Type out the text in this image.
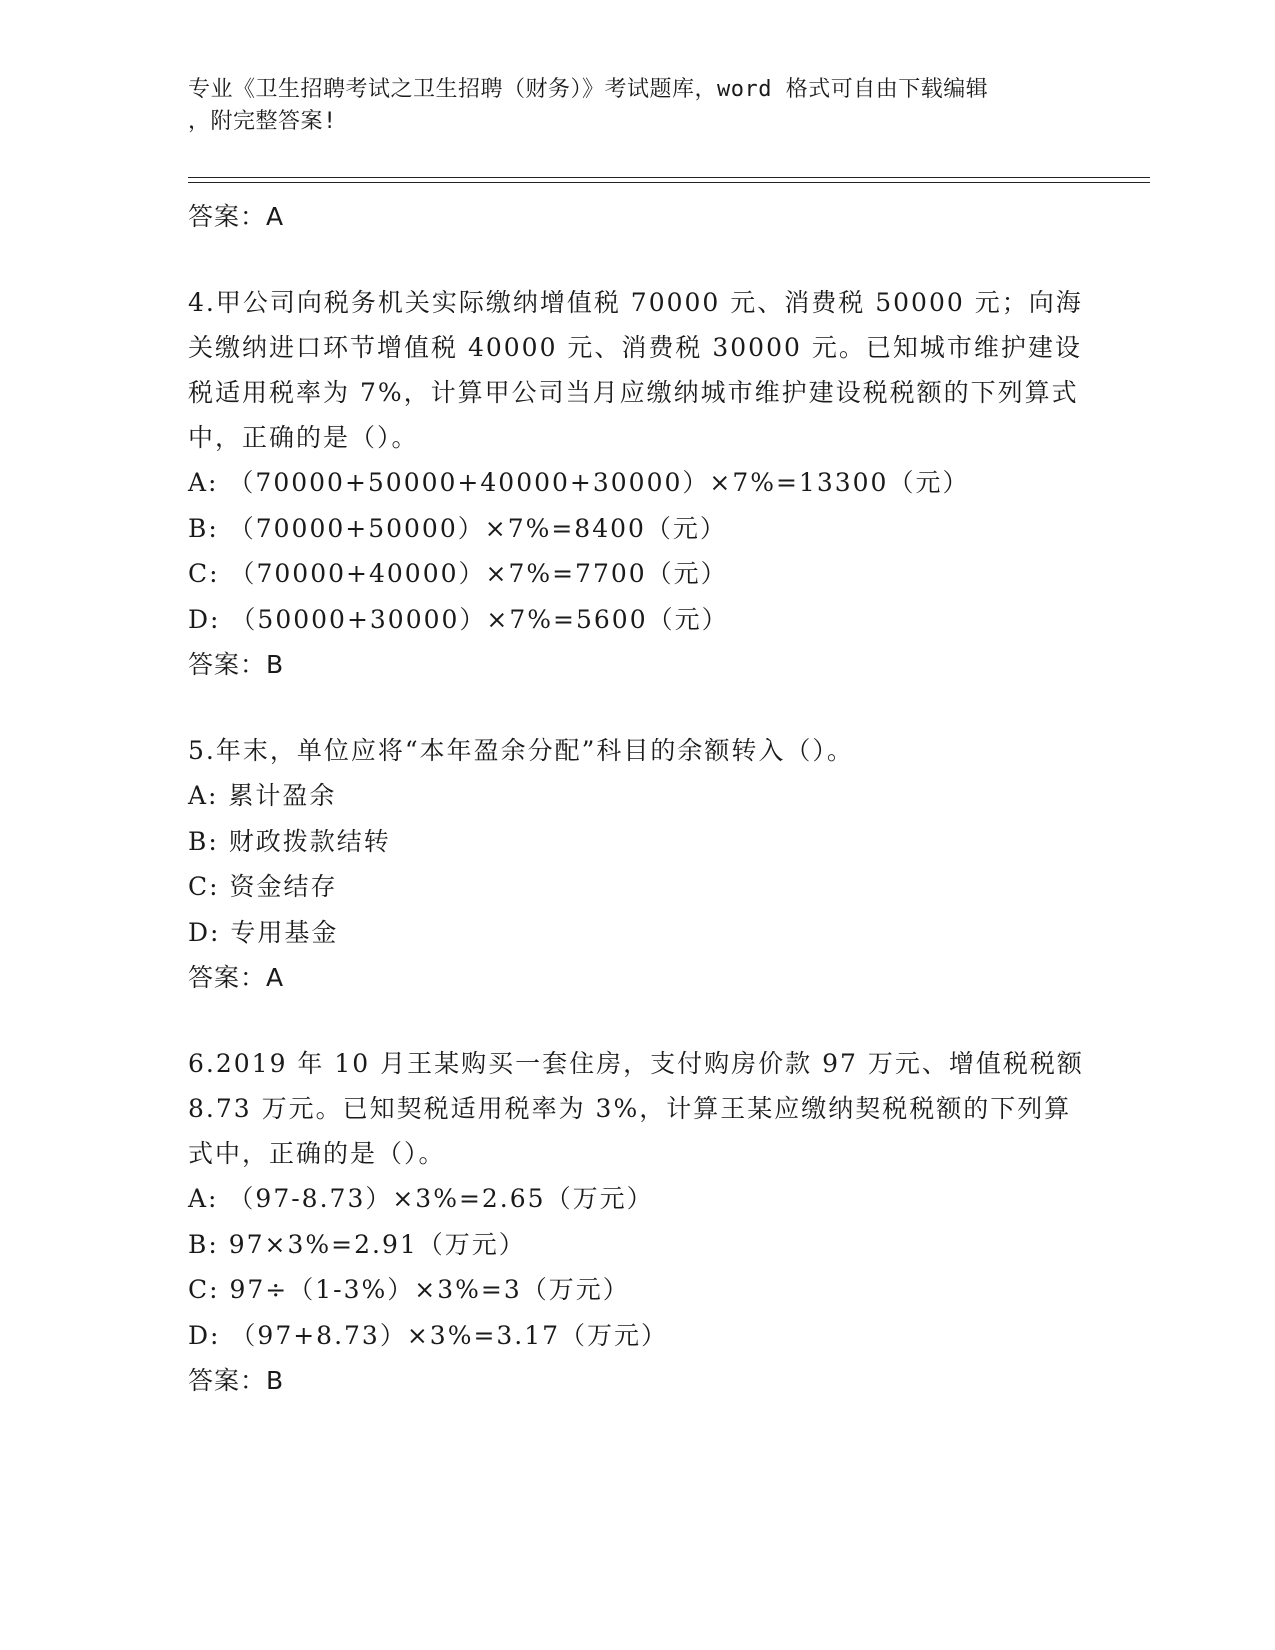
专业《卫生招聘考试之卫生招聘（财务）》考试题库，word 格式可自由下载编辑
，附完整答案!

答案：A

4.甲公司向税务机关实际缴纳增值税 70000 元、消费税 50000 元；向海关缴纳进口环节增值税 40000 元、消费税 30000 元。已知城市维护建设税适用税率为 7%，计算甲公司当月应缴纳城市维护建设税税额的下列算式中，正确的是（）。

A: （70000+50000+40000+30000）×7%=13300（元）
B: （70000+50000）×7%=8400（元）
C: （70000+40000）×7%=7700（元）
D: （50000+30000）×7%=5600（元）

答案：B

5.年末，单位应将“本年盈余分配”科目的余额转入（）。

A: 累计盈余
B: 财政拨款结转
C: 资金结存
D: 专用基金

答案：A

6.2019 年 10 月王某购买一套住房，支付购房价款 97 万元、增值税税额 8.73 万元。已知契税适用税率为 3%，计算王某应缴纳契税税额的下列算式中，正确的是（）。

A: （97-8.73）×3%=2.65（万元）
B: 97×3%=2.91（万元）
C: 97÷（1-3%）×3%=3（万元）
D: （97+8.73）×3%=3.17（万元）

答案：B
